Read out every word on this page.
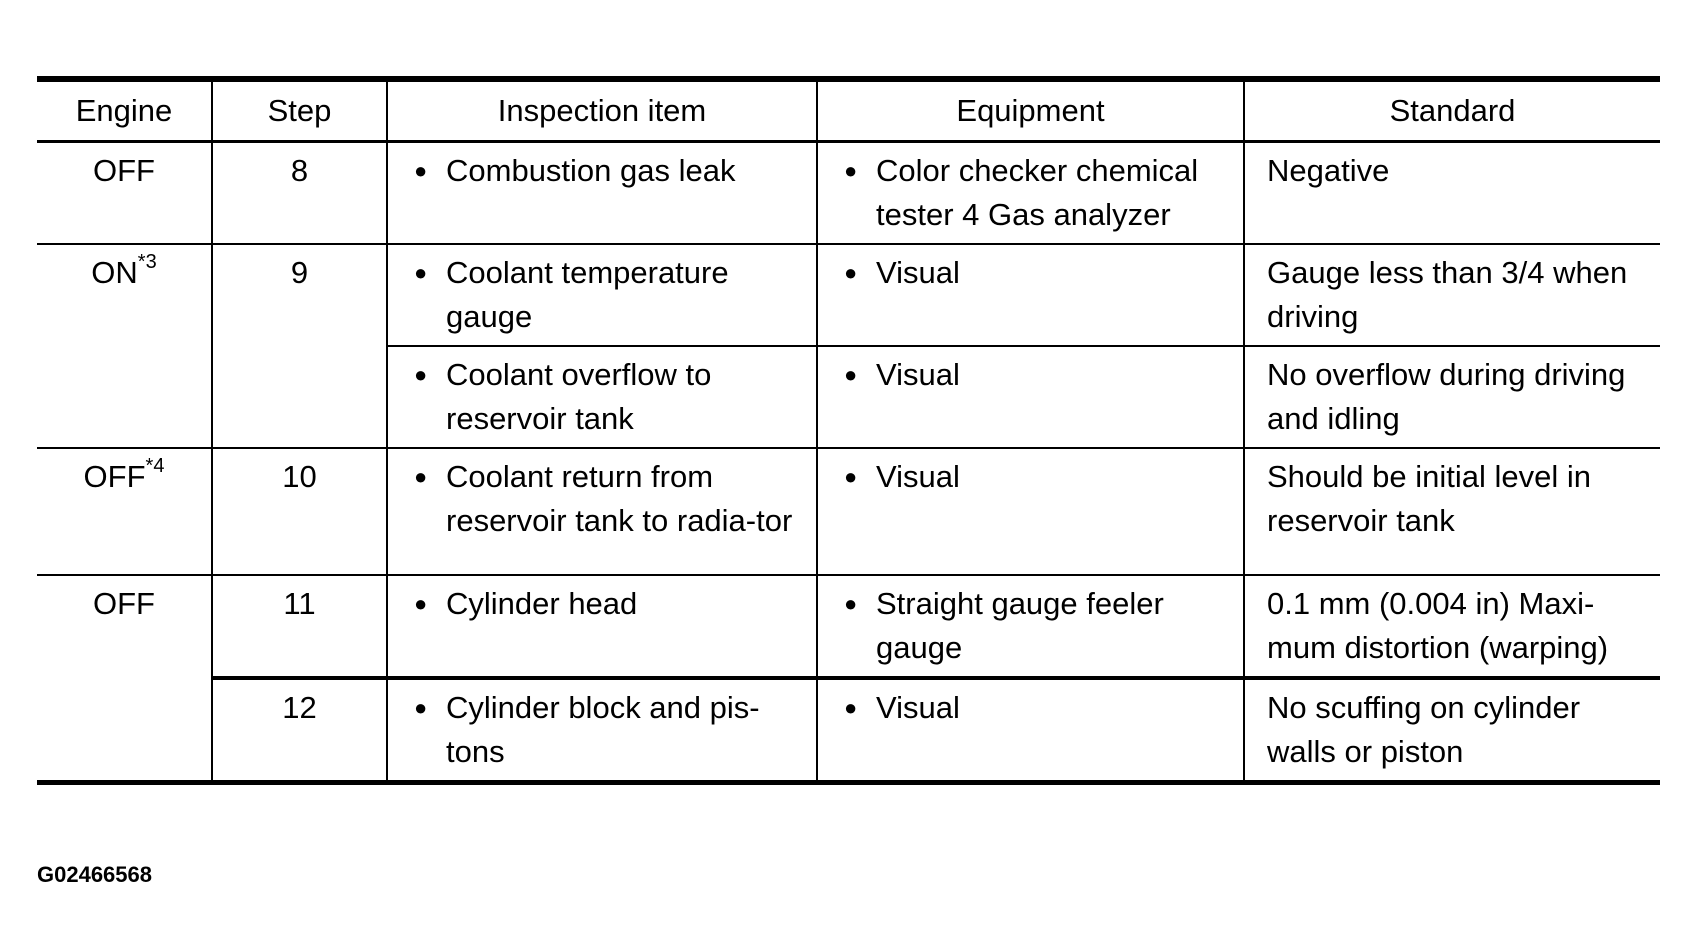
Engine	Step	Inspection item	Equipment	Standard
OFF	8	● Combustion gas leak	● Color checker chemical tester 4 Gas analyzer	Negative
ON$^{*3}$	9	● Coolant temperature gauge	● Visual	Gauge less than 3/4 when driving

		● Coolant overflow to reservoir tank	● Visual	No overflow during driving and idling
OFF$^{*4}$	10	● Coolant return from reservoir tank to radia-tor	● Visual	Should be initial level in reservoir tank
OFF	11	● Cylinder head	● Straight gauge feeler gauge	0.1 mm (0.004 in) Maxi-mum distortion (warping)
	12	● Cylinder block and pis-tons	● Visual	No scuffing on cylinder walls or piston
G02466568
